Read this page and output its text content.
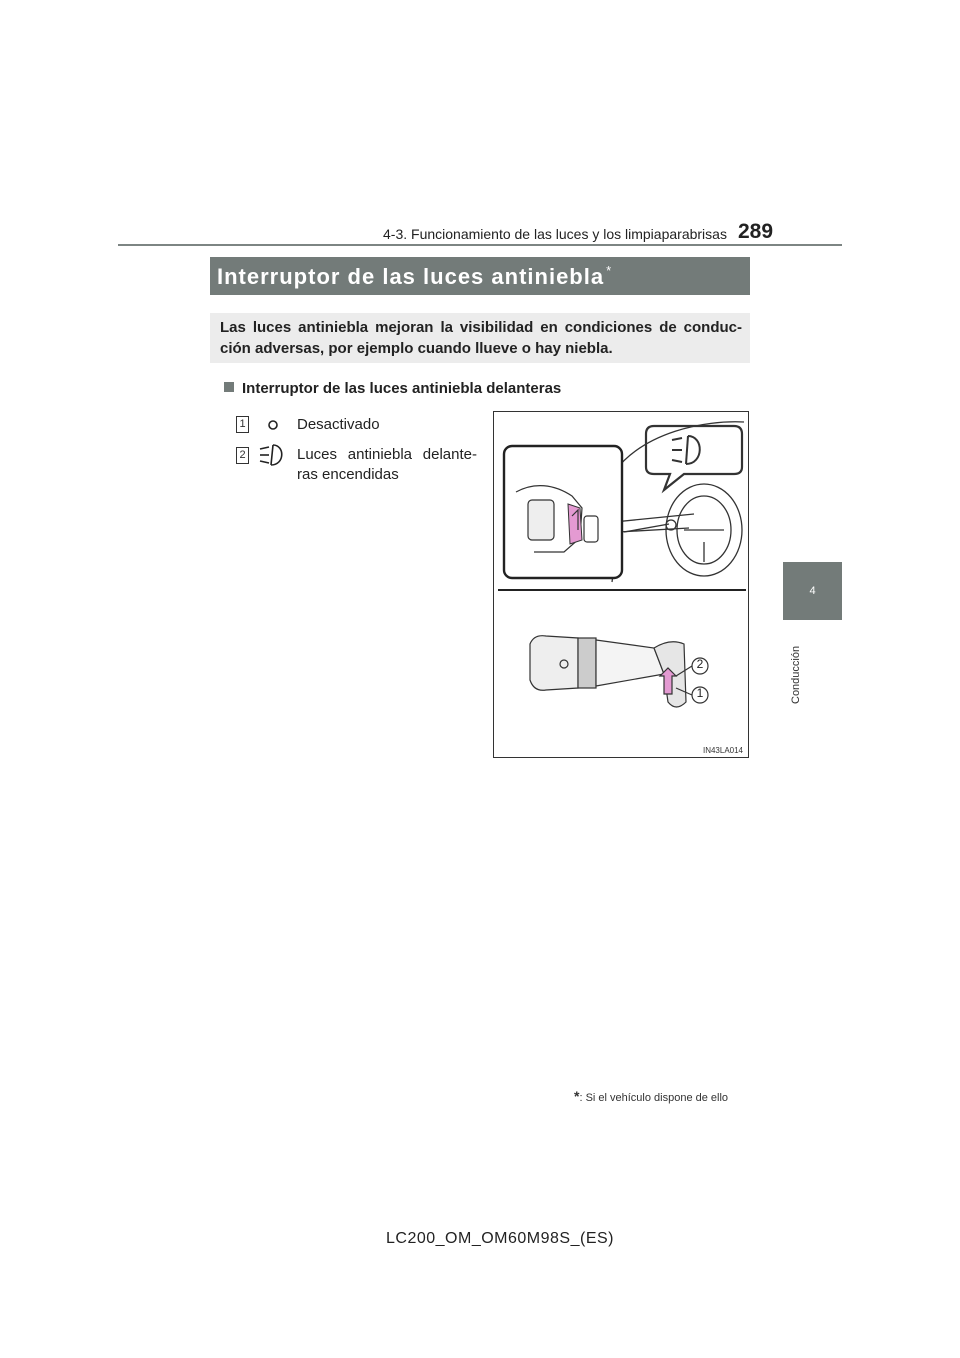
4-3. Funcionamiento de las luces y los limpiaparabrisas 289
4
Conducción
Interruptor de las luces antiniebla *
Las luces antiniebla mejoran la visibilidad en condiciones de conduc-
ción adversas, por ejemplo cuando llueve o hay niebla.
Interruptor de las luces antiniebla delanteras
1	Desactivado
2	Luces antiniebla delante-
ras encendidas
2
1
IN43LA014
*: Si el vehículo dispone de ello
LC200_OM_OM60M98S_(ES)
